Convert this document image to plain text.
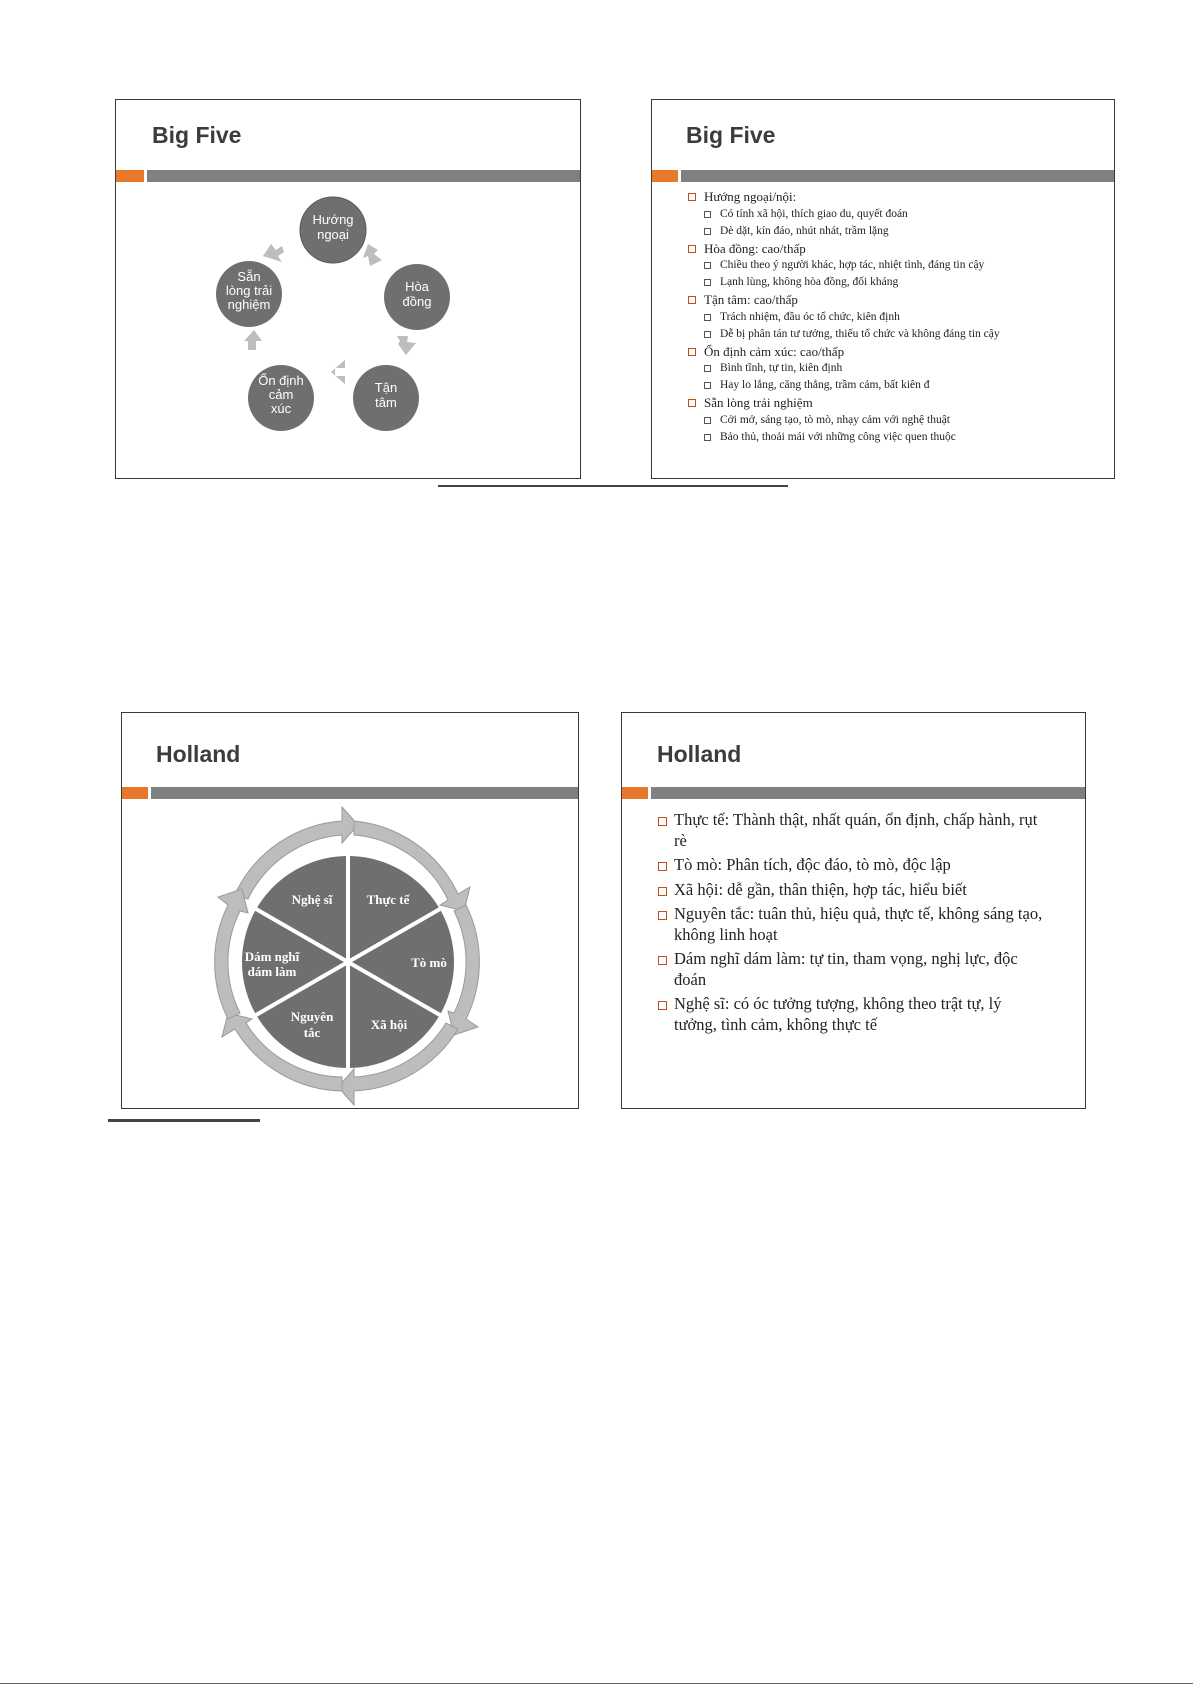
Big Five
Hướng
ngoại
Hòa
đồng
Tận
tâm
Ổn định
cảm
xúc
Sẵn
lòng trải
nghiệm
Big Five
Hướng ngoại/nội:
Có tính xã hội, thích giao du, quyết đoán
Dè dặt, kín đáo, nhút nhát, trầm lặng
Hòa đồng: cao/thấp
Chiều theo ý người khác, hợp tác, nhiệt tình, đáng tin cậy
Lạnh lùng, không hòa đồng, đối kháng
Tận tâm: cao/thấp
Trách nhiệm, đầu óc tổ chức, kiên định
Dễ bị phân tán tư tưởng, thiếu tổ chức và không đáng tin cậy
Ổn định cảm xúc: cao/thấp
Bình tĩnh, tự tin, kiên định
Hay lo lắng, căng thẳng, trầm cảm, bất kiên đ
Sẵn lòng trải nghiệm
Cởi mở, sáng tạo, tò mò, nhạy cảm với nghệ thuật
Bảo thủ, thoải mái với những công việc quen thuộc
Holland
Thực tế
Tò mò
Xã hội
Nguyên
tắc
Dám nghĩ
dám làm
Nghệ sĩ
Holland
Thực tế: Thành thật, nhất quán, ổn định, chấp hành, rụt
rè
Tò mò: Phân tích, độc đáo, tò mò, độc lập
Xã hội: dễ gần, thân thiện, hợp tác, hiểu biết
Nguyên tắc: tuân thủ, hiệu quả, thực tế, không sáng tạo,
không linh hoạt
Dám nghĩ dám làm: tự tin, tham vọng, nghị lực, độc
đoán
Nghệ sĩ: có óc tưởng tượng, không theo trật tự, lý
tưởng, tình cảm, không thực tế
